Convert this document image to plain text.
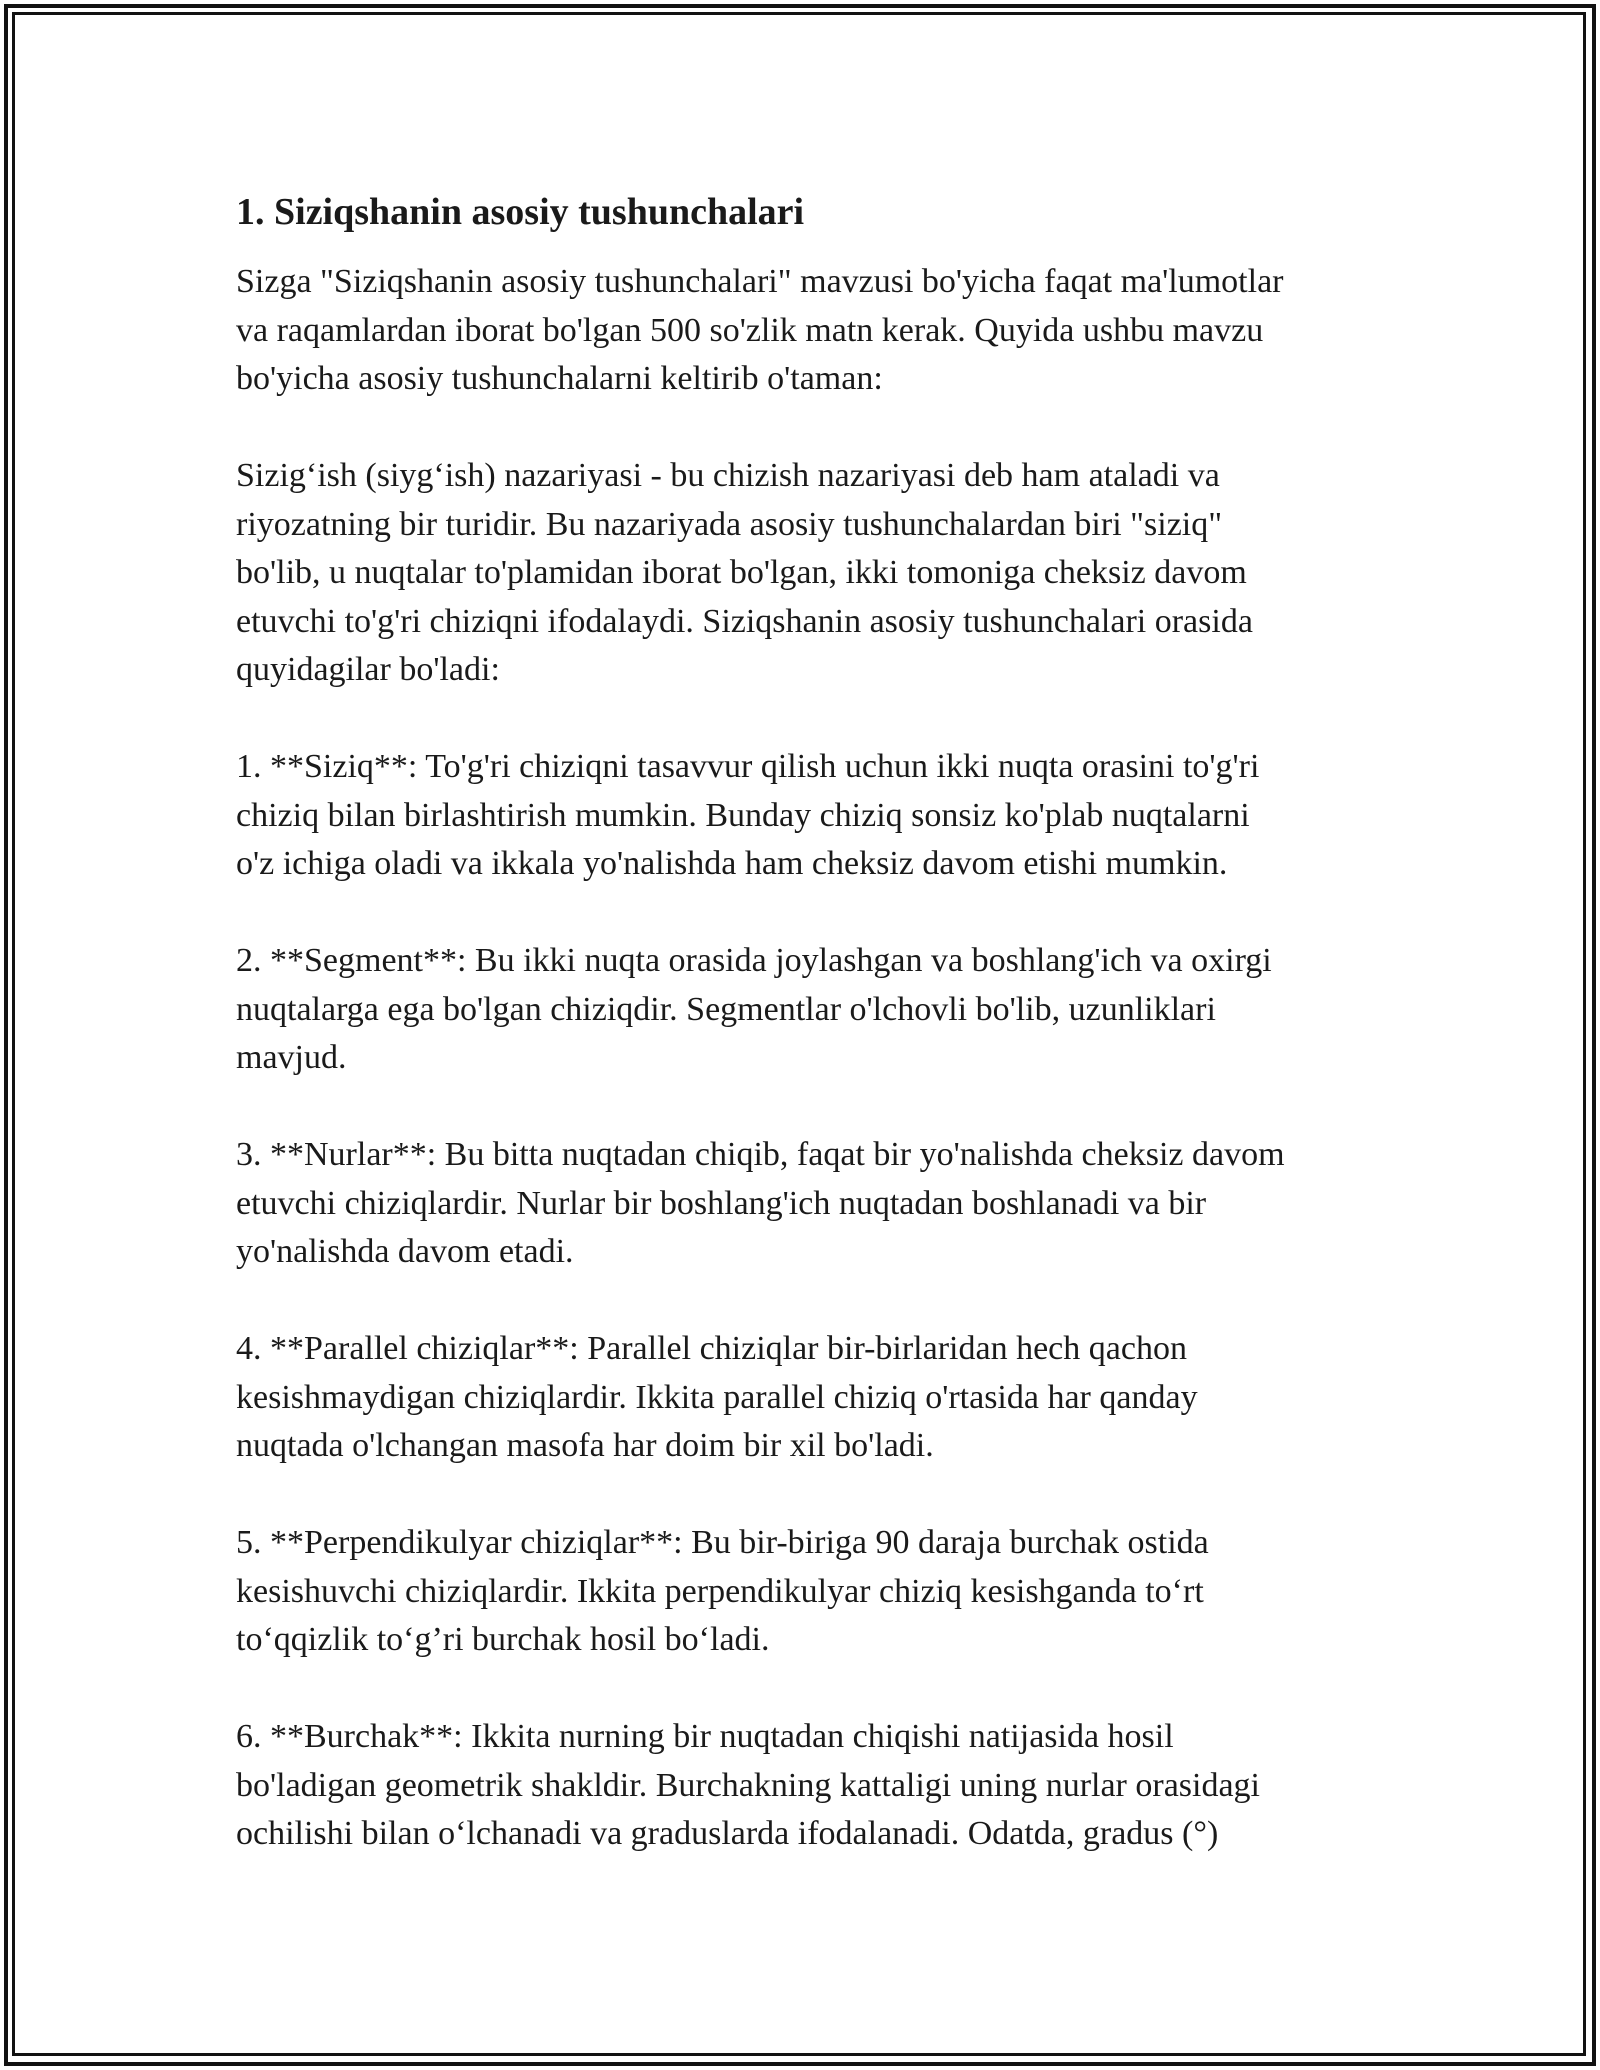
1. Siziqshanin asosiy tushunchalari

Sizga "Siziqshanin asosiy tushunchalari" mavzusi bo'yicha faqat ma'lumotlar
va raqamlardan iborat bo'lgan 500 so'zlik matn kerak. Quyida ushbu mavzu
bo'yicha asosiy tushunchalarni keltirib o'taman:

Sizig‘ish (siyg‘ish) nazariyasi - bu chizish nazariyasi deb ham ataladi va
riyozatning bir turidir. Bu nazariyada asosiy tushunchalardan biri "siziq"
bo'lib, u nuqtalar to'plamidan iborat bo'lgan, ikki tomoniga cheksiz davom
etuvchi to'g'ri chiziqni ifodalaydi. Siziqshanin asosiy tushunchalari orasida
quyidagilar bo'ladi:

1. **Siziq**: To'g'ri chiziqni tasavvur qilish uchun ikki nuqta orasini to'g'ri
chiziq bilan birlashtirish mumkin. Bunday chiziq sonsiz ko'plab nuqtalarni
o'z ichiga oladi va ikkala yo'nalishda ham cheksiz davom etishi mumkin.

2. **Segment**: Bu ikki nuqta orasida joylashgan va boshlang'ich va oxirgi
nuqtalarga ega bo'lgan chiziqdir. Segmentlar o'lchovli bo'lib, uzunliklari
mavjud.

3. **Nurlar**: Bu bitta nuqtadan chiqib, faqat bir yo'nalishda cheksiz davom
etuvchi chiziqlardir. Nurlar bir boshlang'ich nuqtadan boshlanadi va bir
yo'nalishda davom etadi.

4. **Parallel chiziqlar**: Parallel chiziqlar bir-birlaridan hech qachon
kesishmaydigan chiziqlardir. Ikkita parallel chiziq o'rtasida har qanday
nuqtada o'lchangan masofa har doim bir xil bo'ladi.

5. **Perpendikulyar chiziqlar**: Bu bir-biriga 90 daraja burchak ostida
kesishuvchi chiziqlardir. Ikkita perpendikulyar chiziq kesishganda to‘rt
to‘qqizlik to‘g’ri burchak hosil bo‘ladi.

6. **Burchak**: Ikkita nurning bir nuqtadan chiqishi natijasida hosil
bo'ladigan geometrik shakldir. Burchakning kattaligi uning nurlar orasidagi
ochilishi bilan o‘lchanadi va graduslarda ifodalanadi. Odatda, gradus (°)
